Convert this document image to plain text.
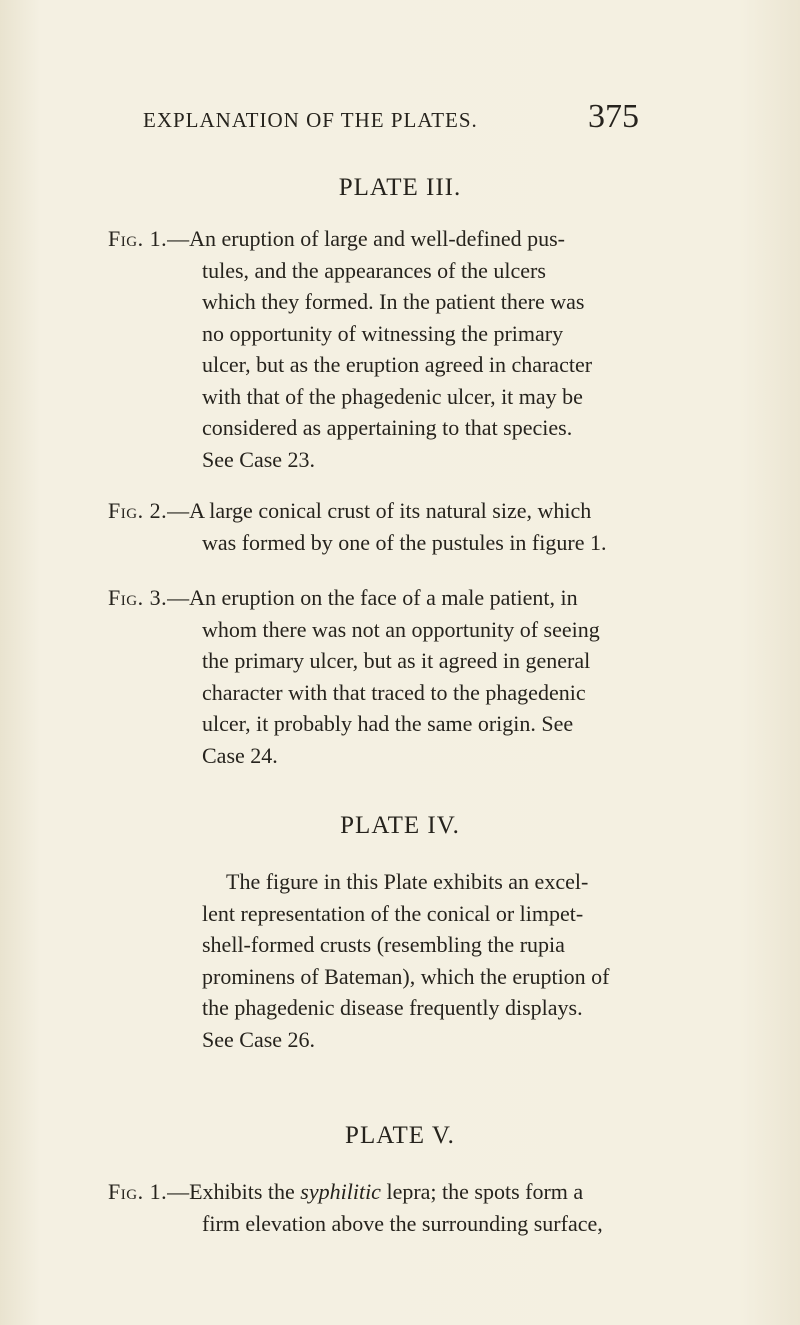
EXPLANATION OF THE PLATES.	375
PLATE III.
Fig. 1.—An eruption of large and well-defined pus-
tules, and the appearances of the ulcers
which they formed. In the patient there was
no opportunity of witnessing the primary
ulcer, but as the eruption agreed in character
with that of the phagedenic ulcer, it may be
considered as appertaining to that species.
See Case 23.
Fig. 2.—A large conical crust of its natural size, which
was formed by one of the pustules in figure 1.
Fig. 3.—An eruption on the face of a male patient, in
whom there was not an opportunity of seeing
the primary ulcer, but as it agreed in general
character with that traced to the phagedenic
ulcer, it probably had the same origin. See
Case 24.
PLATE IV.
The figure in this Plate exhibits an excel-
lent representation of the conical or limpet-
shell-formed crusts (resembling the rupia
prominens of Bateman), which the eruption of
the phagedenic disease frequently displays.
See Case 26.
PLATE V.
Fig. 1.—Exhibits the syphilitic lepra; the spots form a
firm elevation above the surrounding surface,
